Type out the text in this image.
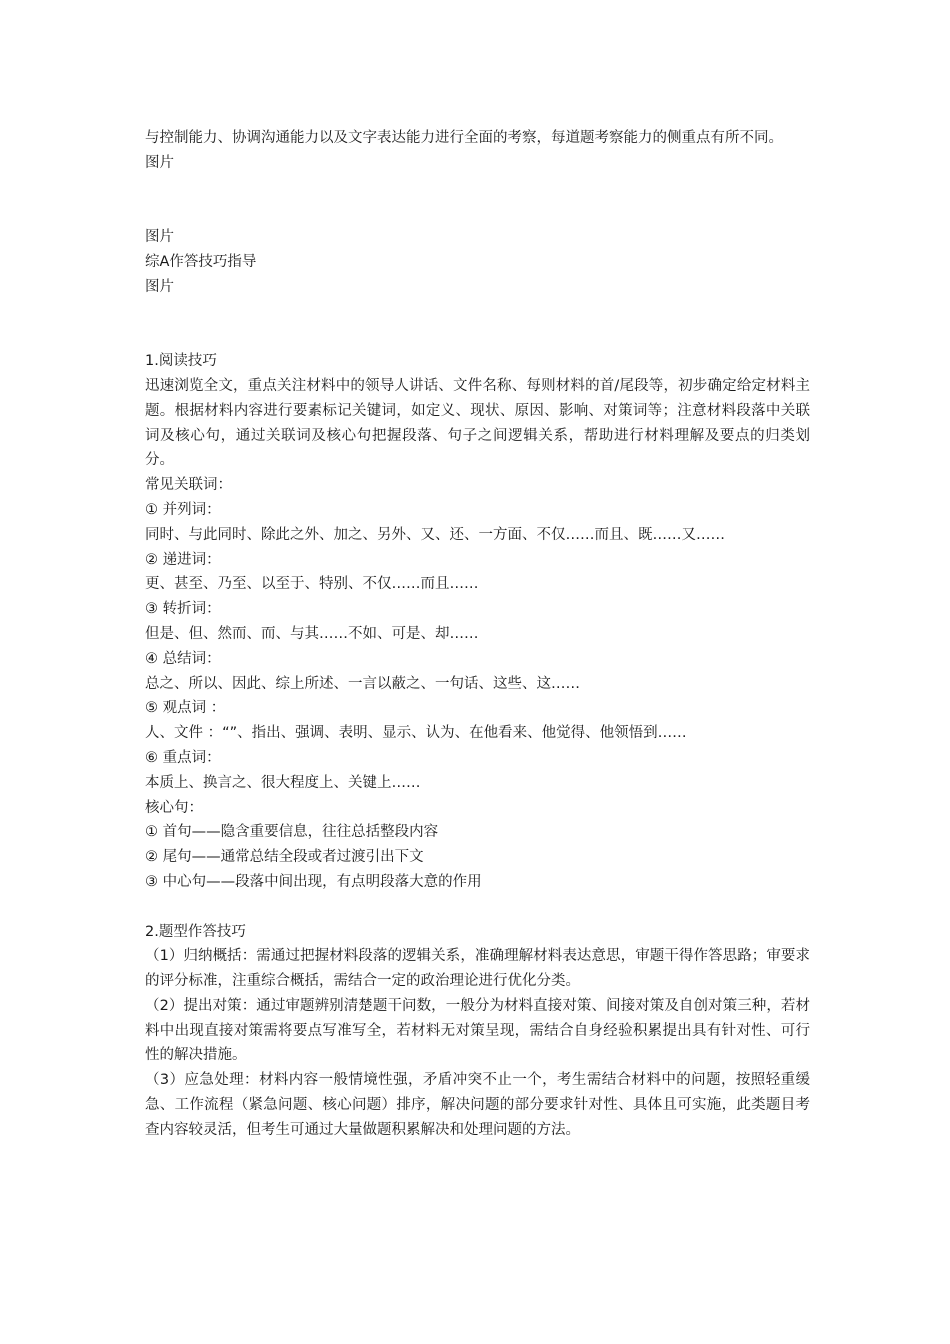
与控制能力、协调沟通能力以及文字表达能力进行全面的考察，每道题考察能力的侧重点有所不同。

图片

图片

综A作答技巧指导

图片

1.阅读技巧

迅速浏览全文，重点关注材料中的领导人讲话、文件名称、每则材料的首/尾段等，初步确定给定材料主题。根据材料内容进行要素标记关键词，如定义、现状、原因、影响、对策词等；注意材料段落中关联词及核心句，通过关联词及核心句把握段落、句子之间逻辑关系，帮助进行材料理解及要点的归类划分。

常见关联词：

① 并列词：

同时、与此同时、除此之外、加之、另外、又、还、一方面、不仅……而且、既……又……

② 递进词：

更、甚至、乃至、以至于、特别、不仅……而且……

③ 转折词：

但是、但、然而、而、与其……不如、可是、却……

④ 总结词：

总之、所以、因此、综上所述、一言以蔽之、一句话、这些、这……

⑤ 观点词 ：

人、文件 ：“”、指出、强调、表明、显示、认为、在他看来、他觉得、他领悟到……

⑥ 重点词：

本质上、换言之、很大程度上、关键上……

核心句：

① 首句——隐含重要信息，往往总括整段内容

② 尾句——通常总结全段或者过渡引出下文

③ 中心句——段落中间出现，有点明段落大意的作用

2.题型作答技巧

（1）归纳概括：需通过把握材料段落的逻辑关系，准确理解材料表达意思，审题干得作答思路；审要求的评分标准，注重综合概括，需结合一定的政治理论进行优化分类。

（2）提出对策：通过审题辨别清楚题干问数，一般分为材料直接对策、间接对策及自创对策三种，若材料中出现直接对策需将要点写准写全，若材料无对策呈现，需结合自身经验积累提出具有针对性、可行性的解决措施。

（3）应急处理：材料内容一般情境性强，矛盾冲突不止一个，考生需结合材料中的问题，按照轻重缓急、工作流程（紧急问题、核心问题）排序，解决问题的部分要求针对性、具体且可实施，此类题目考查内容较灵活，但考生可通过大量做题积累解决和处理问题的方法。
